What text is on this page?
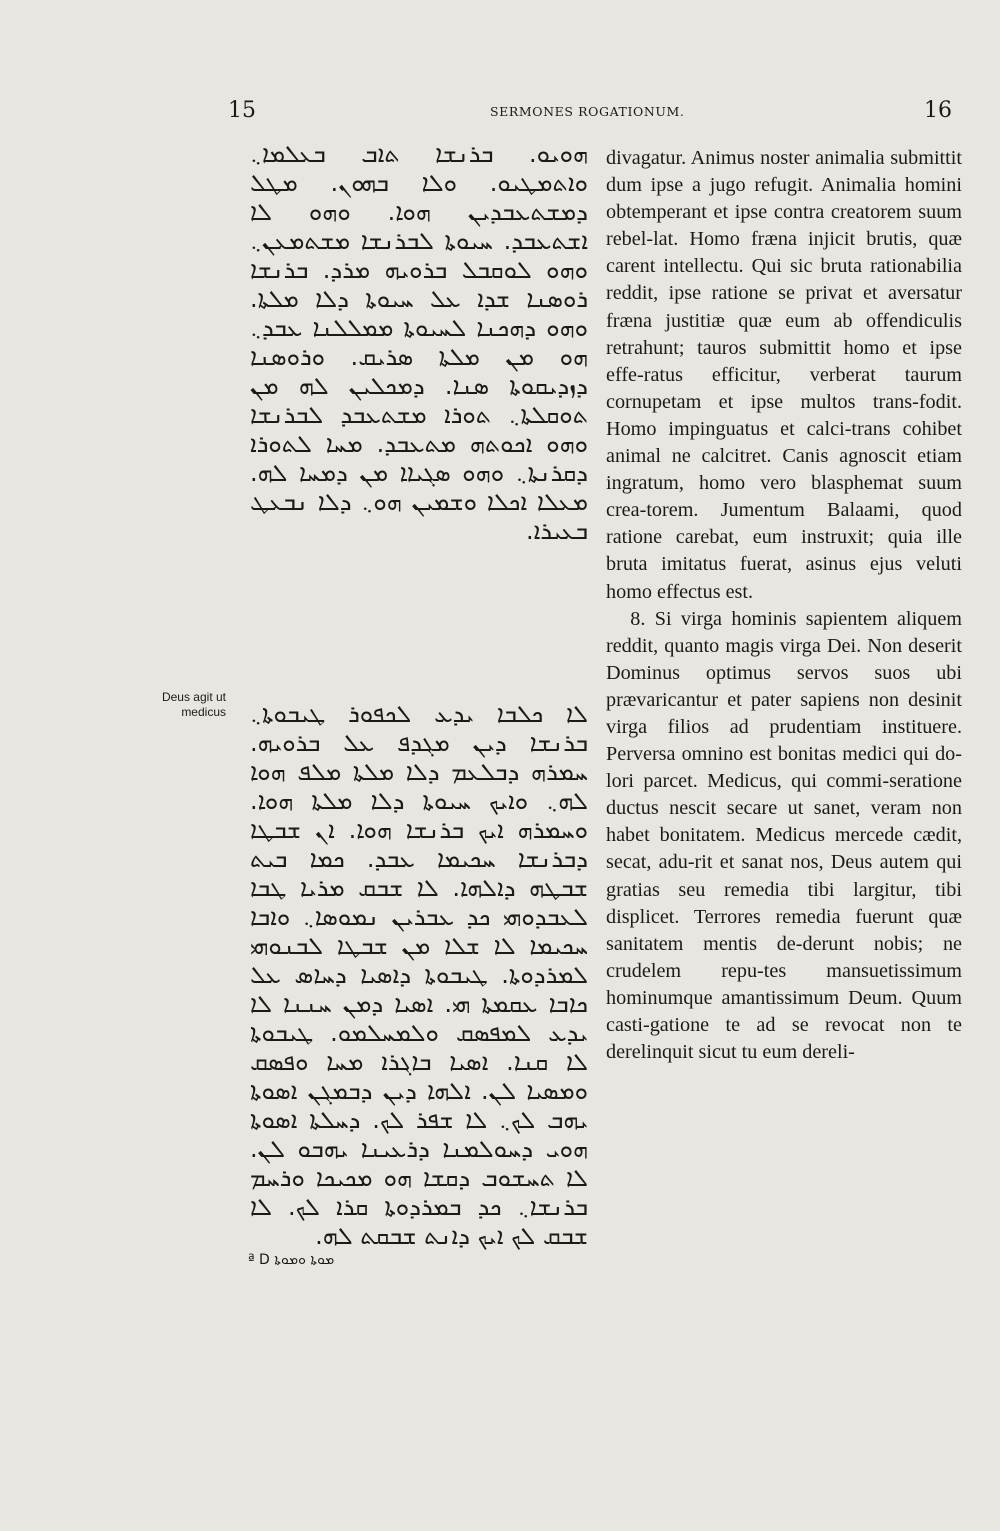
15	SERMONES ROGATIONUM.	16

ܗܘܝܘ. ܒܪܢܫܐ ܬܐܒ ܒܥܠܡܐ܆ ܘܐܬܡܛܝܘ. ܘܠܐ ܒܗܘܢ. ܡܛܠ ܕܡܫܬܥܒܕܝܢ ܗܘܐ. ܘܗܘ ܠܐ ܐܫܬܥܒܕ. ܚܝܘܬܐ ܠܒܪܢܫܐ ܡܫܬܡܥܢ܆ ܘܗܘ ܠܘܩܒܠ ܒܪܘܝܗ ܡܪܕ. ܒܪܢܫܐ ܪܘܣܢܐ ܫܕܐ ܥܠ ܚܝܘܬܐ ܕܠܐ ܡܠܬܐ. ܘܗܘ ܕܗܟܢܐ ܠܚܝܘܬܐ ܡܡܠܠܢܐ ܥܒܕ܆ ܗܘ ܡܢ ܡܠܬܐ ܣܪܝܩ. ܘܪܘܣܢܐ ܕܙܕܝܩܘܬܐ ܣܢܐ. ܕܡܟܠܝܢ ܠܗ ܡܢ ܬܘܩܠܬܐ܆ ܬܘܪܐ ܡܫܬܥܒܕ ܠܒܪܢܫܐ ܘܗܘ ܐܟܘܬܗ ܡܬܥܒܕ. ܡܚܐ ܠܬܘܪܐ ܕܩܪܢܬܐ܆ ܘܗܘ ܣܓܝܐܐ ܡܢ ܕܡܚܐ ܠܗ. ܡܥܠܐ ܐܟܠܐ ܘܫܡܝܢ ܗܘ܆ ܕܠܐ ܢܒܥܛ ܒܥܝܪܐ.

ܠܐ ܟܠܒܐ ܝܕܥ ܠܟܦܘܪ ܛܝܒܘܬܐ܆ ܒܪܢܫܐ ܕܝܢ ܡܓܕܦ ܥܠ ܒܪܘܝܗ. ܚܡܪܗ ܕܒܠܥܡ ܕܠܐ ܡܠܬܐ ܡܠܦ ܗܘܐ ܠܗ܆ ܘܐܝܟ ܚܝܘܬܐ ܕܠܐ ܡܠܬܐ ܗܘܐ. ܘܚܡܪܗ ܐܝܟ ܒܪܢܫܐ ܗܘܐ. ܐܢ ܫܒܛܐ ܕܒܪܢܫܐ ܚܟܝܡܐ ܥܒܕ. ܟܡܐ ܒܝܬ ܫܒܛܗ ܕܐܠܗܐ. ܠܐ ܫܒܩ ܡܪܝܐ ܛܒܐ ܠܥܒܕܘܗܝ ܟܕ ܥܒܪܝܢ ܢܡܘܣܐ܆ ܘܐܒܐ ܚܟܝܡܐ ܠܐ ܫܠܐ ܡܢ ܫܒܛܐ ܠܒܢܘܗܝ ܠܡܪܕܘܬܐ. ܛܝܒܘܬܐ ܕܐܣܝܐ ܕܚܐܣ ܥܠ ܟܐܒܐ ܥܩܡܬܐ ܗܝ. ܐܣܝܐ ܕܡܢ ܚܢܢܐ ܠܐ ܝܕܥ ܠܡܦܣܩ ܘܠܡܚܠܡܘ. ܛܝܒܘܬܐ ܠܐ ܩܢܐ. ܐܣܝܐ ܒܐܓܪܐ ܡܚܐ ܘܦܣܩ ܘܡܣܝܐ ܠܢ. ܐܠܗܐ ܕܝܢ ܕܒܡܓܢ ܐܣܘܬܐ ܝܗܒ ܠܟ܆ ܠܐ ܫܦܪ ܠܟ. ܕܚܠܬܐ ܐܣܘܬܐ ܗܘܝ ܕܚܘܠܡܢܐ ܕܪܥܝܢܐ ܝܗܒܘ ܠܢ. ܠܐ ܬܚܫܘܒ ܕܩܫܐ ܗܘ ܡܟܝܟܐ ܘܪܚܡ ܒܪܢܫܐ܆ ܟܕ ܒܡܪܕܘܬܐ ܩܪܐ ܠܟ. ܠܐ ܫܒܩ ܠܟ ܐܝܟ ܕܐܢܬ ܫܒܩܬ ܠܗ.

Deus agit ut medicus

divagatur. Animus noster animalia submittit dum ipse a jugo refugit. Animalia homini obtemperant et ipse contra creatorem suum rebel-lat. Homo fræna injicit brutis, quæ carent intellectu. Qui sic bruta rationabilia reddit, ipse ratione se privat et aversatur fræna justitiæ quæ eum ab offendiculis retrahunt; tauros submittit homo et ipse effe-ratus efficitur, verberat taurum cornupetam et ipse multos trans-fodit. Homo impinguatus et calci-trans cohibet animal ne calcitret. Canis agnoscit etiam ingratum, homo vero blasphemat suum crea-torem. Jumentum Balaami, quod ratione carebat, eum instruxit; quia ille bruta imitatus fuerat, asinus ejus veluti homo effectus est.

8. Si virga hominis sapientem aliquem reddit, quanto magis virga Dei. Non deserit Dominus optimus servos suos ubi prævaricantur et pater sapiens non desinit virga filios ad prudentiam instituere. Perversa omnino est bonitas medici qui do-lori parcet. Medicus, qui commi-seratione ductus nescit secare ut sanet, veram non habet bonitatem. Medicus mercede cædit, secat, adu-rit et sanat nos, Deus autem qui gratias seu remedia tibi largitur, tibi displicet. Terrores remedia fuerunt quæ sanitatem mentis de-derunt nobis; ne crudelem repu-tes mansuetissimum hominumque amantissimum Deum. Quum casti-gatione te ad se revocat non te derelinquit sicut tu eum dereli-

ª D ܡܘܬܐ ܘܡܘܬܐ
